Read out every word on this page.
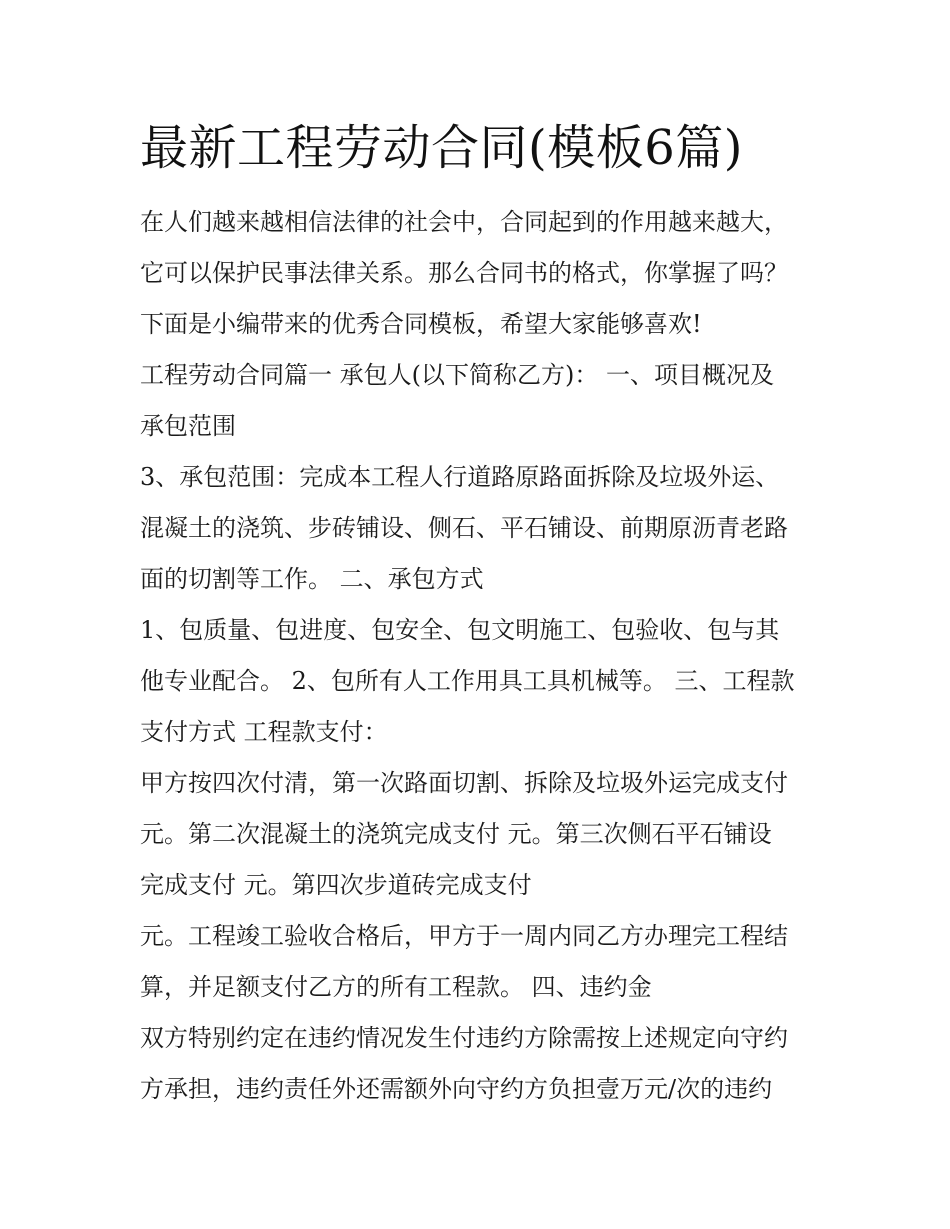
最新工程劳动合同(模板6篇)

在人们越来越相信法律的社会中，合同起到的作用越来越大，

它可以保护民事法律关系。那么合同书的格式，你掌握了吗？

下面是小编带来的优秀合同模板，希望大家能够喜欢!

工程劳动合同篇一 承包人(以下简称乙方)： 一、项目概况及

承包范围

3、承包范围：完成本工程人行道路原路面拆除及垃圾外运、

混凝土的浇筑、步砖铺设、侧石、平石铺设、前期原沥青老路

面的切割等工作。 二、承包方式

1、包质量、包进度、包安全、包文明施工、包验收、包与其

他专业配合。 2、包所有人工作用具工具机械等。 三、工程款

支付方式 工程款支付：

甲方按四次付清，第一次路面切割、拆除及垃圾外运完成支付

元。第二次混凝土的浇筑完成支付 元。第三次侧石平石铺设

完成支付 元。第四次步道砖完成支付

元。工程竣工验收合格后，甲方于一周内同乙方办理完工程结

算，并足额支付乙方的所有工程款。 四、违约金

双方特别约定在违约情况发生付违约方除需按上述规定向守约

方承担，违约责任外还需额外向守约方负担壹万元/次的违约
